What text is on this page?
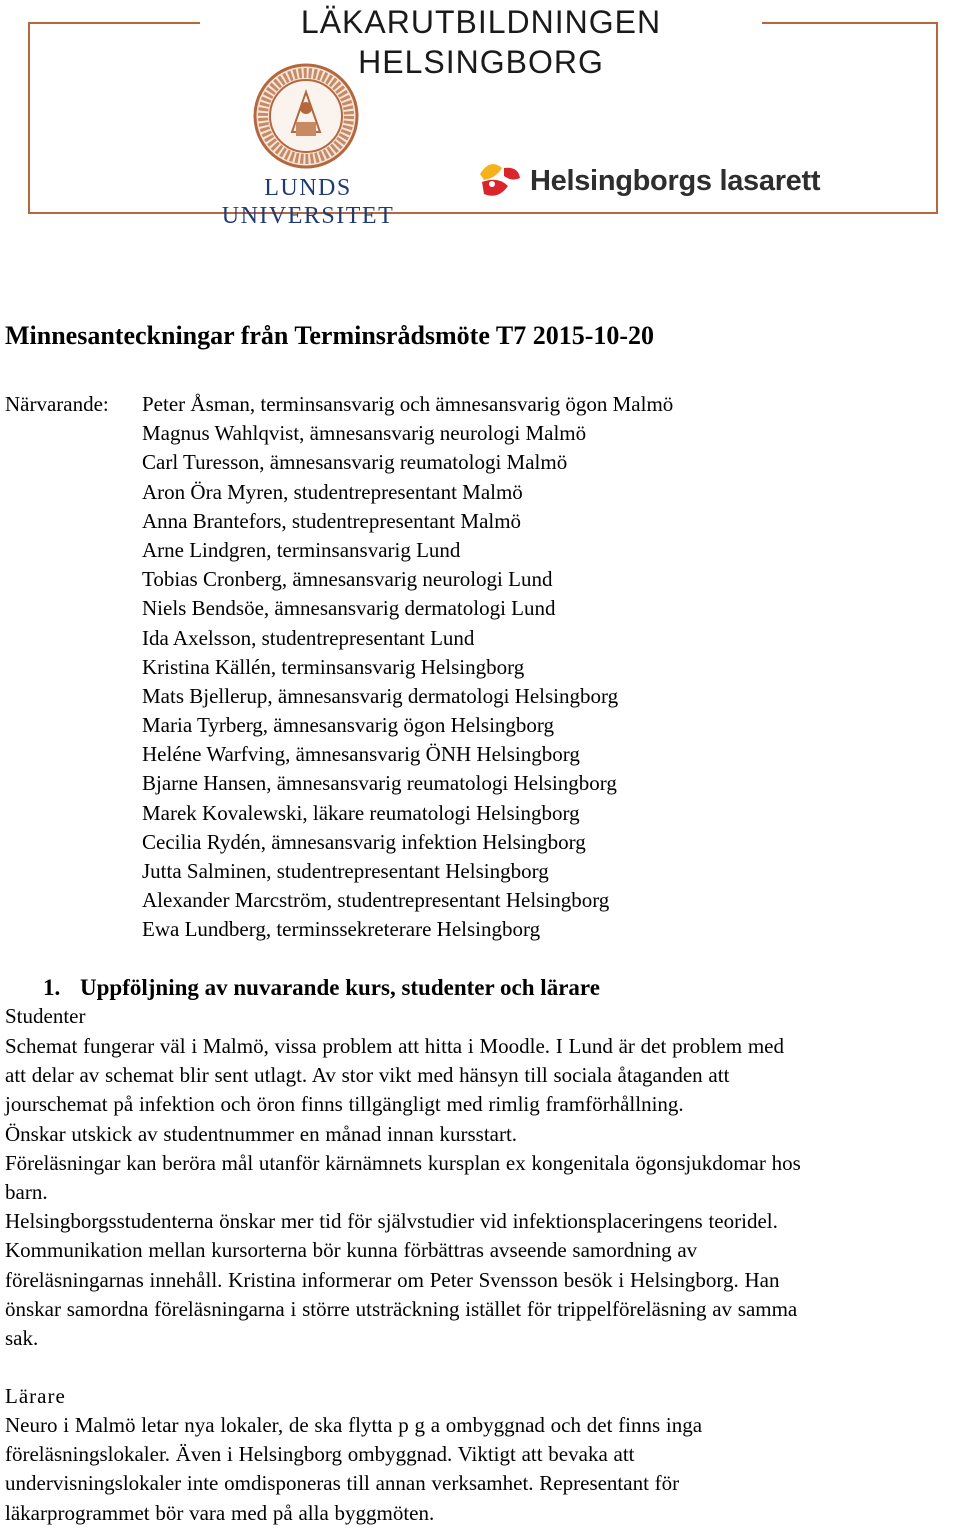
LÄKARUTBILDNINGEN HELSINGBORG
LUNDS UNIVERSITET
Helsingborgs lasarett
Minnesanteckningar från Terminsrådsmöte T7 2015-10-20
Närvarande: Peter Åsman, terminsansvarig och ämnesansvarig ögon Malmö
Magnus Wahlqvist, ämnesansvarig neurologi Malmö
Carl Turesson, ämnesansvarig reumatologi Malmö
Aron Öra Myren, studentrepresentant Malmö
Anna Brantefors, studentrepresentant Malmö
Arne Lindgren, terminsansvarig Lund
Tobias Cronberg, ämnesansvarig neurologi Lund
Niels Bendsöe, ämnesansvarig dermatologi Lund
Ida Axelsson, studentrepresentant Lund
Kristina Källén, terminsansvarig Helsingborg
Mats Bjellerup, ämnesansvarig dermatologi Helsingborg
Maria Tyrberg, ämnesansvarig ögon Helsingborg
Heléne Warfving, ämnesansvarig ÖNH Helsingborg
Bjarne Hansen, ämnesansvarig reumatologi Helsingborg
Marek Kovalewski, läkare reumatologi Helsingborg
Cecilia Rydén, ämnesansvarig infektion Helsingborg
Jutta Salminen, studentrepresentant Helsingborg
Alexander Marcström, studentrepresentant Helsingborg
Ewa Lundberg, terminssekreterare Helsingborg
1. Uppföljning av nuvarande kurs, studenter och lärare
Studenter
Schemat fungerar väl i Malmö, vissa problem att hitta i Moodle. I Lund är det problem med
att delar av schemat blir sent utlagt. Av stor vikt med hänsyn till sociala åtaganden att
jourschemat på infektion och öron finns tillgängligt med rimlig framförhållning.
Önskar utskick av studentnummer en månad innan kursstart.
Föreläsningar kan beröra mål utanför kärnämnets kursplan ex kongenitala ögonsjukdomar hos
barn.
Helsingborgsstudenterna önskar mer tid för självstudier vid infektionsplaceringens teoridel.
Kommunikation mellan kursorterna bör kunna förbättras avseende samordning av
föreläsningarnas innehåll. Kristina informerar om Peter Svensson besök i Helsingborg. Han
önskar samordna föreläsningarna i större utsträckning istället för trippelföreläsning av samma
sak.
Lärare
Neuro i Malmö letar nya lokaler, de ska flytta p g a ombyggnad och det finns inga
föreläsningslokaler. Även i Helsingborg ombyggnad. Viktigt att bevaka att
undervisningslokaler inte omdisponeras till annan verksamhet. Representant för
läkarprogrammet bör vara med på alla byggmöten.
